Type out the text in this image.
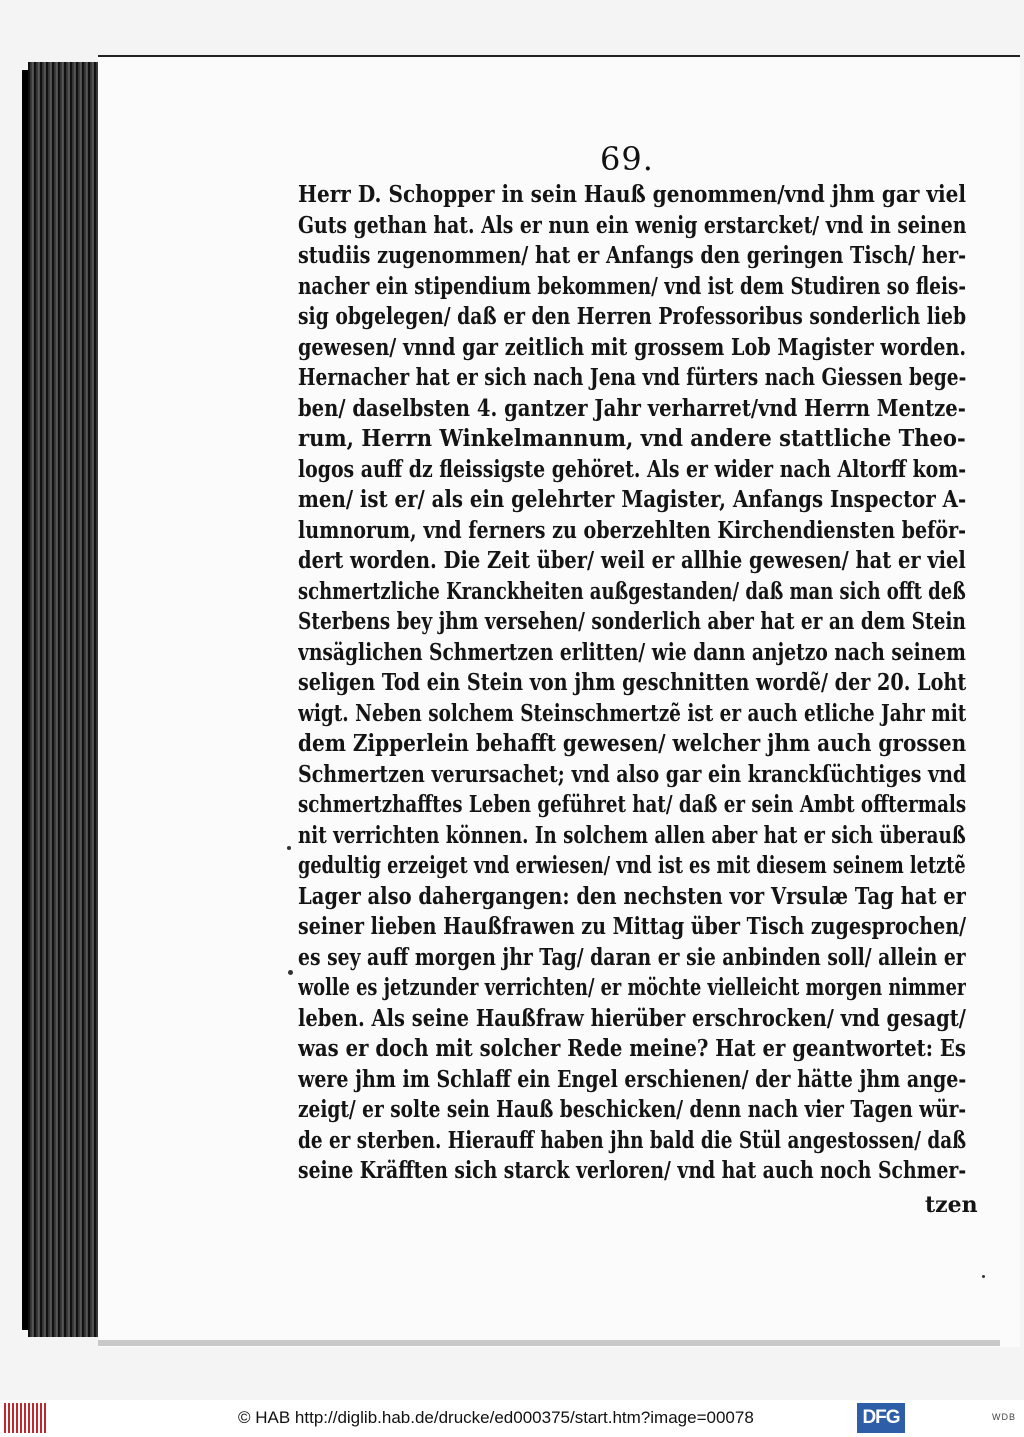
69.
Herr D. Schopper in sein Hauß genommen/vnd jhm gar viel
Guts gethan hat. Als er nun ein wenig erstarcket/ vnd in seinen
studiis zugenommen/ hat er Anfangs den geringen Tisch/ her-
nacher ein stipendium bekommen/ vnd ist dem Studiren so fleis-
sig obgelegen/ daß er den Herren Professoribus sonderlich lieb
gewesen/ vnnd gar zeitlich mit grossem Lob Magister worden.
Hernacher hat er sich nach Jena vnd fürters nach Giessen bege-
ben/ daselbsten 4. gantzer Jahr verharret/vnd Herrn Mentze-
rum, Herrn Winkelmannum, vnd andere stattliche Theo-
logos auff dz fleissigste gehöret. Als er wider nach Altorff kom-
men/ ist er/ als ein gelehrter Magister, Anfangs Inspector A-
lumnorum, vnd ferners zu oberzehlten Kirchendiensten beför-
dert worden. Die Zeit über/ weil er allhie gewesen/ hat er viel
schmertzliche Kranckheiten außgestanden/ daß man sich offt deß
Sterbens bey jhm versehen/ sonderlich aber hat er an dem Stein
vnsäglichen Schmertzen erlitten/ wie dann anjetzo nach seinem
seligen Tod ein Stein von jhm geschnitten wordẽ/ der 20. Loht
wigt. Neben solchem Steinschmertzẽ ist er auch etliche Jahr mit
dem Zipperlein behafft gewesen/ welcher jhm auch grossen
Schmertzen verursachet; vnd also gar ein kranckſüchtiges vnd
schmertzhafftes Leben geführet hat/ daß er sein Ambt offtermals
nit verrichten können. In solchem allen aber hat er sich überauß
gedultig erzeiget vnd erwiesen/ vnd ist es mit diesem seinem letztẽ
Lager also dahergangen: den nechsten vor Vrsulæ Tag hat er
seiner lieben Haußfrawen zu Mittag über Tisch zugesprochen/
es sey auff morgen jhr Tag/ daran er sie anbinden soll/ allein er
wolle es jetzunder verrichten/ er möchte vielleicht morgen nimmer
leben. Als seine Haußfraw hierüber erschrocken/ vnd gesagt/
was er doch mit solcher Rede meine? Hat er geantwortet: Es
were jhm im Schlaff ein Engel erschienen/ der hätte jhm ange-
zeigt/ er solte sein Hauß beschicken/ denn nach vier Tagen wür-
de er sterben. Hierauff haben jhn bald die Stül angestossen/ daß
seine Kräfften sich starck verloren/ vnd hat auch noch Schmer-
tzen
© HAB http://diglib.hab.de/drucke/ed000375/start.htm?image=00078	DFG	WDB
